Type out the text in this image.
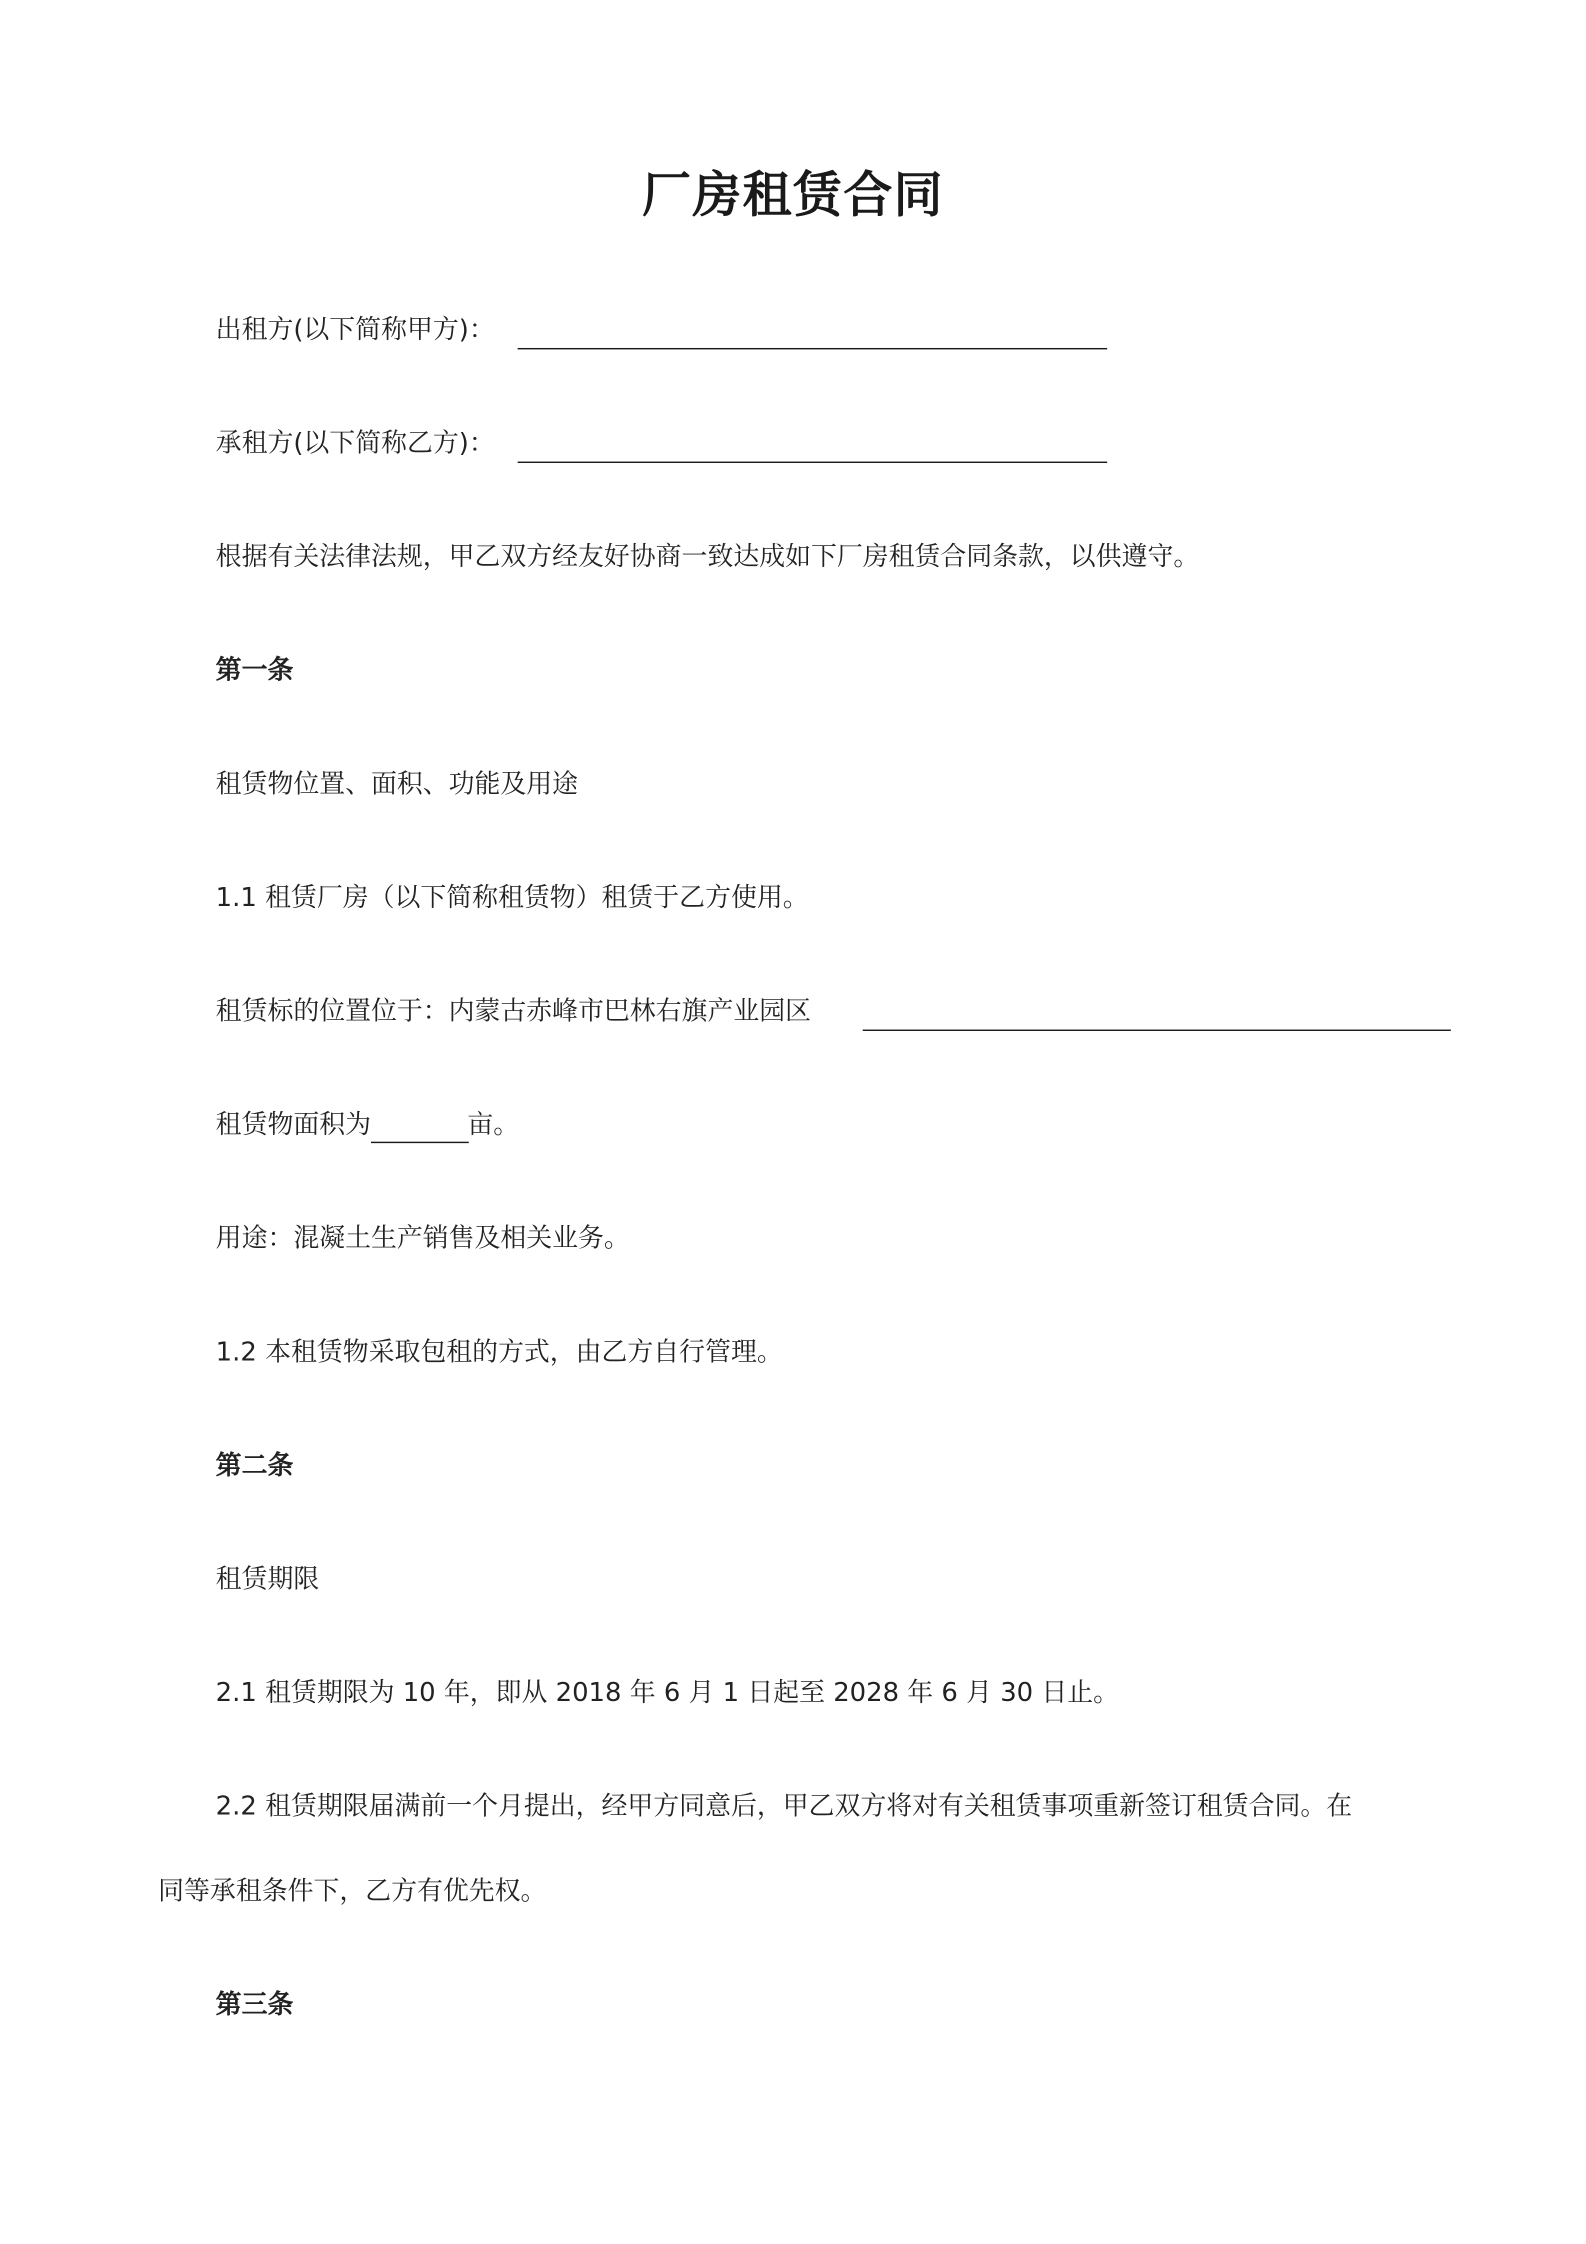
厂房租赁合同
出租方(以下简称甲方)：
承租方(以下简称乙方)：
根据有关法律法规，甲乙双方经友好协商一致达成如下厂房租赁合同条款，以供遵守。
第一条
租赁物位置、面积、功能及用途
1.1 租赁厂房（以下简称租赁物）租赁于乙方使用。
租赁标的位置位于：内蒙古赤峰市巴林右旗产业园区
租赁物面积为	亩。
用途：混凝土生产销售及相关业务。
1.2 本租赁物采取包租的方式，由乙方自行管理。
第二条
租赁期限
2.1 租赁期限为 10 年，即从 2018 年 6 月 1 日起至 2028 年 6 月 30 日止。
2.2 租赁期限届满前一个月提出，经甲方同意后，甲乙双方将对有关租赁事项重新签订租赁合同。在
同等承租条件下，乙方有优先权。
第三条
